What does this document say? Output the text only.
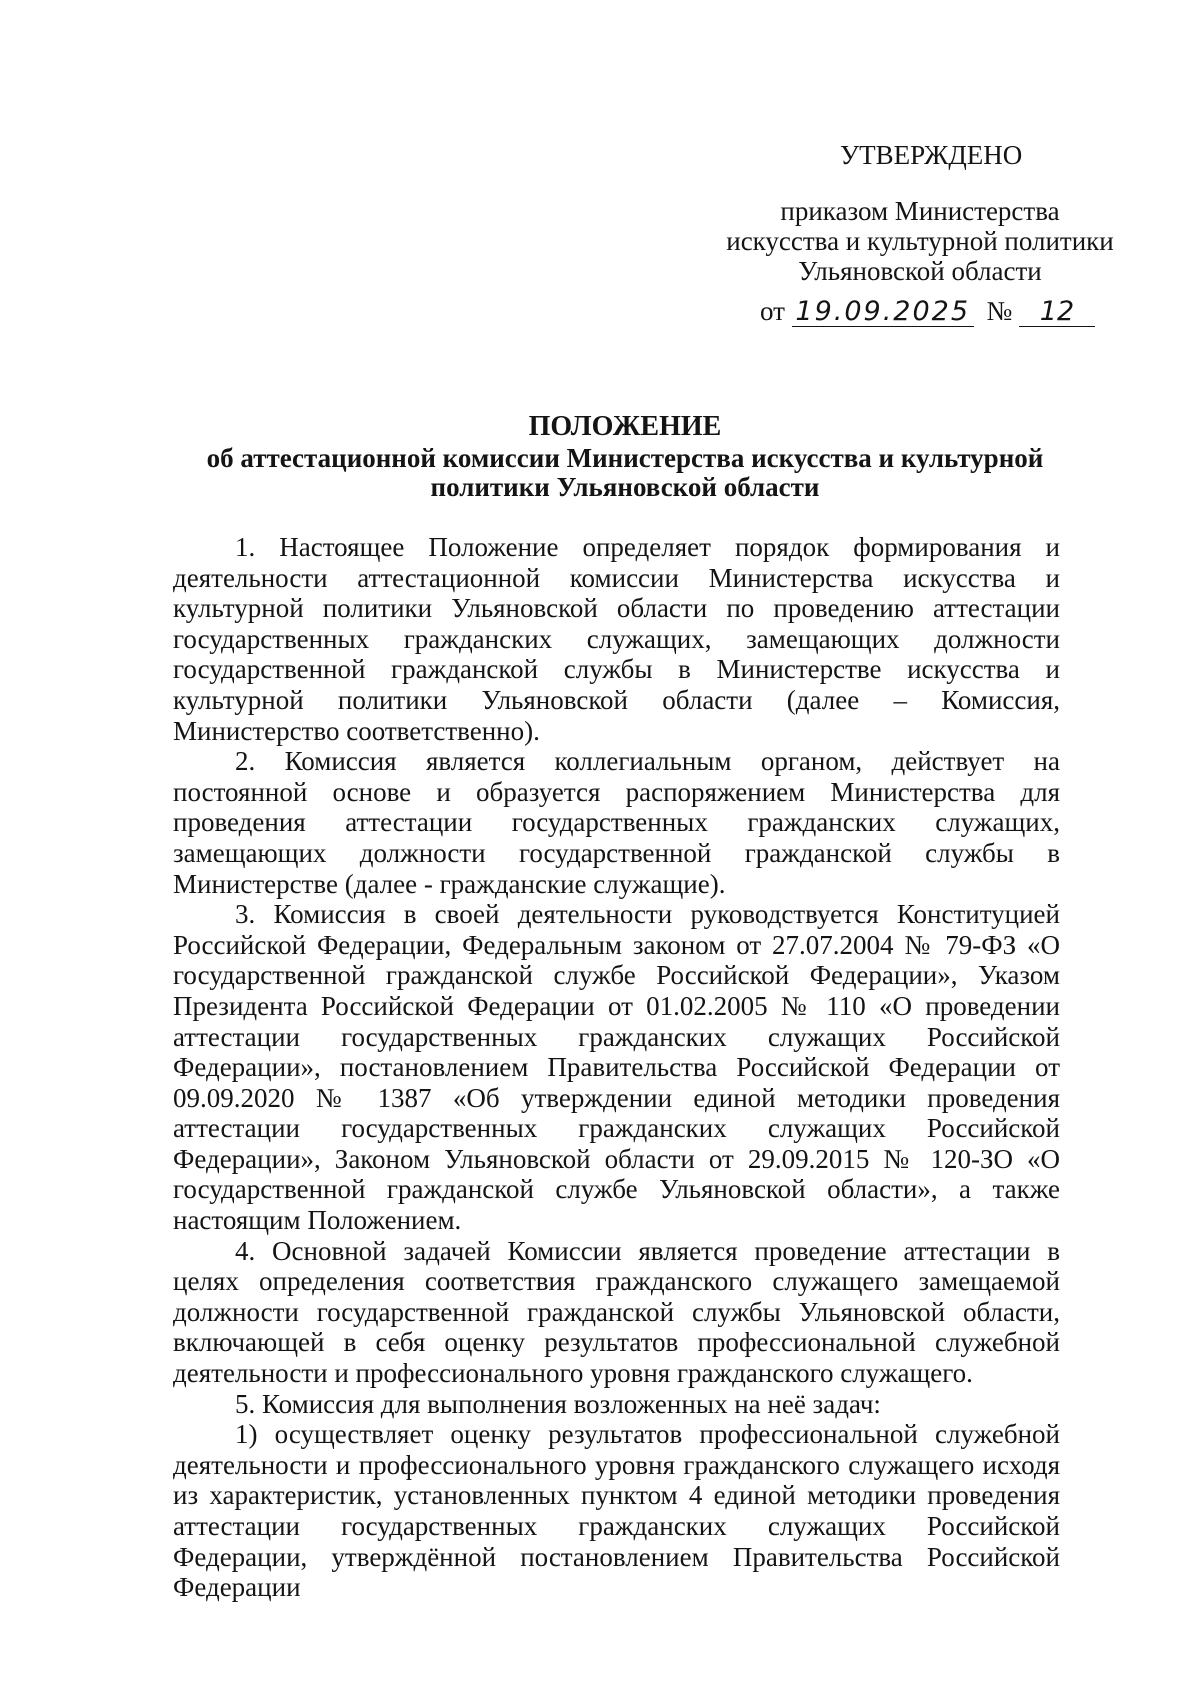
УТВЕРЖДЕНО
приказом Министерства
искусства и культурной политики
Ульяновской области
от 19.09.2025 № 12
ПОЛОЖЕНИЕ
об аттестационной комиссии Министерства искусства и культурной политики Ульяновской области

1. Настоящее Положение определяет порядок формирования и деятельности аттестационной комиссии Министерства искусства и культурной политики Ульяновской области по проведению аттестации государственных гражданских служащих, замещающих должности государственной гражданской службы в Министерстве искусства и культурной политики Ульяновской области (далее – Комиссия, Министерство соответственно).

2. Комиссия является коллегиальным органом, действует на постоянной основе и образуется распоряжением Министерства для проведения аттестации государственных гражданских служащих, замещающих должности государственной гражданской службы в Министерстве (далее - гражданские служащие).

3. Комиссия в своей деятельности руководствуется Конституцией Российской Федерации, Федеральным законом от 27.07.2004 № 79-ФЗ «О государственной гражданской службе Российской Федерации», Указом Президента Российской Федерации от 01.02.2005 № 110 «О проведении аттестации государственных гражданских служащих Российской Федерации», постановлением Правительства Российской Федерации от 09.09.2020 № 1387 «Об утверждении единой методики проведения аттестации государственных гражданских служащих Российской Федерации», Законом Ульяновской области от 29.09.2015 № 120-ЗО «О государственной гражданской службе Ульяновской области», а также настоящим Положением.

4. Основной задачей Комиссии является проведение аттестации в целях определения соответствия гражданского служащего замещаемой должности государственной гражданской службы Ульяновской области, включающей в себя оценку результатов профессиональной служебной деятельности и профессионального уровня гражданского служащего.

5. Комиссия для выполнения возложенных на неё задач:

1) осуществляет оценку результатов профессиональной служебной деятельности и профессионального уровня гражданского служащего исходя из характеристик, установленных пунктом 4 единой методики проведения аттестации государственных гражданских служащих Российской Федерации, утверждённой постановлением Правительства Российской Федерации
